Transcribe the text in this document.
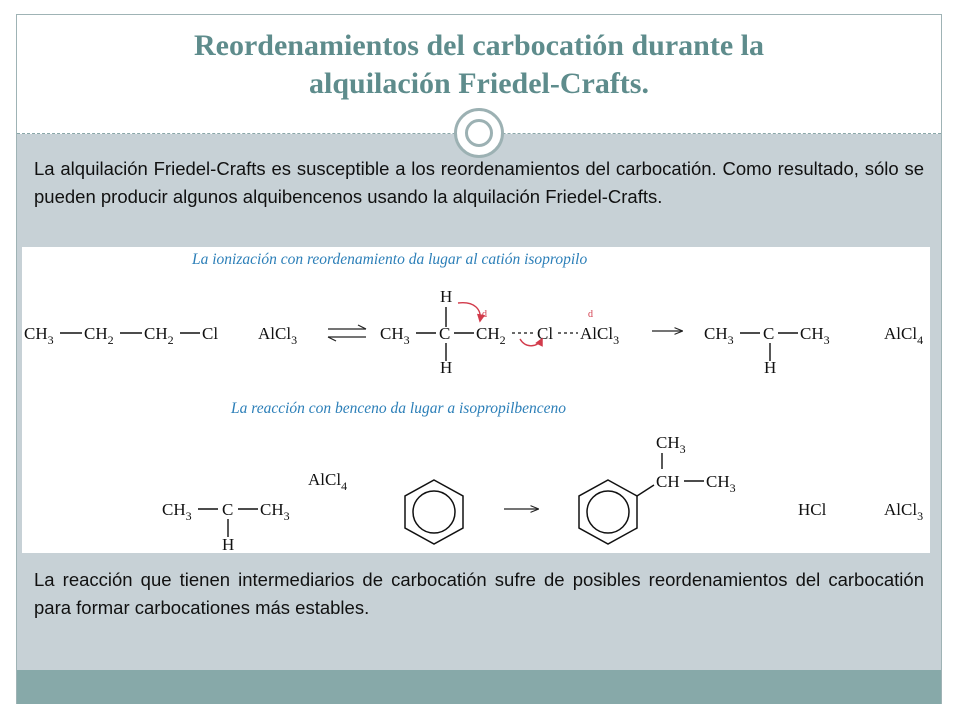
Reordenamientos del carbocatión durante la
alquilación Friedel-Crafts.

La alquilación Friedel-Crafts es susceptible a los reordenamientos del carbocatión. Como resultado, sólo se pueden producir algunos alquibencenos usando la alquilación Friedel-Crafts.

La ionización con reordenamiento da lugar al catión isopropilo
La reacción con benceno da lugar a isopropilbenceno
$CH_3$ $CH_2$ $CH_2$ Cl AlCl$_3$
H
$CH_3$ C $CH_2$ Cl AlCl$_3$
H
d	d
$CH_3$ C $CH_3$
H
AlCl$_4$
AlCl$_4$
$CH_3$ C $CH_3$
H
CH $CH_3$
$CH_3$
HCl	AlCl$_3$

La reacción que tienen intermediarios de carbocatión sufre de posibles reordenamientos del carbocatión para formar carbocationes más estables.
